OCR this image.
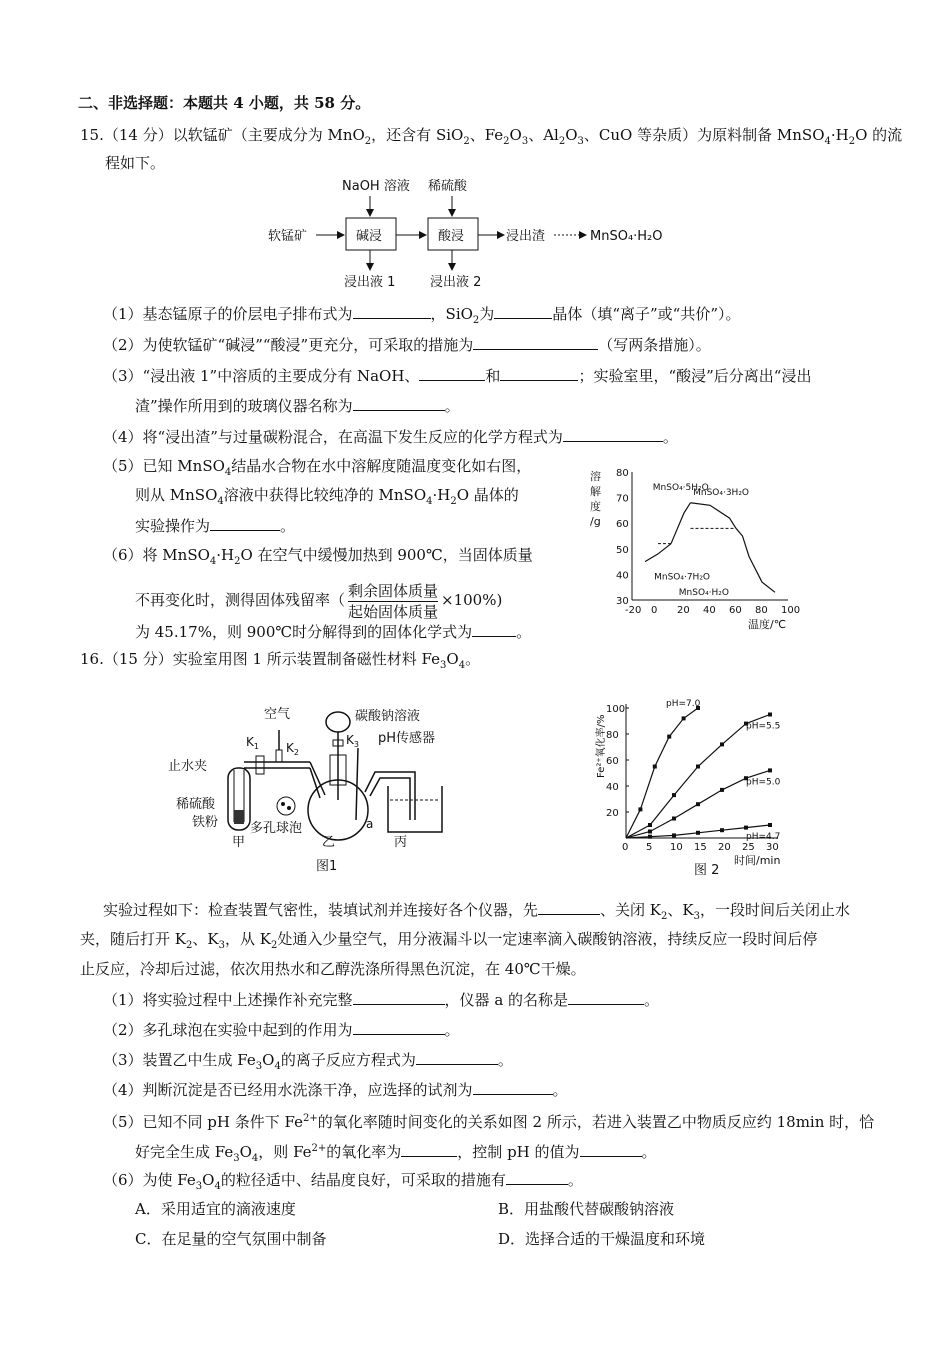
二、非选择题：本题共 4 小题，共 58 分。
15.（14 分）以软锰矿（主要成分为 MnO$_2$，还含有 SiO$_2$、$Fe_2O_3$、$Al_2O_3$、CuO 等杂质）为原料制备 $MnSO_4\cdot H_2O$ 的流
程如下。
NaOH 溶液 稀硫酸
软锰矿	碱浸	酸浸	浸出渣	MnSO₄·H₂O
浸出液 1	浸出液 2
（1）基态锰原子的价层电子排布式为	，SiO$_2$为	晶体（填“离子”或“共价”）。
（2）为使软锰矿“碱浸”“酸浸”更充分，可采取的措施为	（写两条措施）。
（3）“浸出液 1”中溶质的主要成分有 NaOH、	和	；实验室里，“酸浸”后分离出“浸出
渣”操作所用到的玻璃仪器名称为	。
（4）将“浸出渣”与过量碳粉混合，在高温下发生反应的化学方程式为	。
（5）已知 MnSO$_4$结晶水合物在水中溶解度随温度变化如右图，
则从 MnSO$_4$溶液中获得比较纯净的 $MnSO_4\cdot H_2O$ 晶体的
实验操作为	。
（6）将 $MnSO_4\cdot H_2O$ 在空气中缓慢加热到 900℃，当固体质量
不再变化时，测得固体残留率（ $\frac{\text{剩余固体质量}}{\text{起始固体质量}} \times 100\%$)
为 45.17%，则 900℃时分解得到的固体化学式为	。
溶
解
度
/g
-20 0 20 40 60 80 100
30
40
50
60
70
80
MnSO₄·5H₂O
MnSO₄·3H₂O
MnSO₄·7H₂O
MnSO₄·H₂O
温度/℃
16.（15 分）实验室用图 1 所示装置制备磁性材料 $Fe_3O_4$。
空气
$K_1$ $K_2$
$K_3$
碳酸钠溶液
pH传感器
止水夹
稀硫酸
铁粉 多孔球泡	a
甲	乙	丙
图1
0 5 10 15 20 25 30
20
40
60
80
100	pH=7.0
pH=5.5
pH=5.0
pH=4.7
Fe²⁺氧化率/%
时间/min
图 2
实验过程如下：检查装置气密性，装填试剂并连接好各个仪器，先	、关闭 $K_2$、$K_3$，一段时间后关闭止水
夹，随后打开 $K_2$、$K_3$，从 $K_2$处通入少量空气，用分液漏斗以一定速率滴入碳酸钠溶液，持续反应一段时间后停
止反应，冷却后过滤，依次用热水和乙醇洗涤所得黑色沉淀，在 40℃干燥。
（1）将实验过程中上述操作补充完整	，仪器 a 的名称是	。
（2）多孔球泡在实验中起到的作用为	。
（3）装置乙中生成 $Fe_3O_4$的离子反应方程式为	。
（4）判断沉淀是否已经用水洗涤干净，应选择的试剂为	。
（5）已知不同 pH 条件下 $Fe^{2+}$的氧化率随时间变化的关系如图 2 所示，若进入装置乙中物质反应约 18min 时，恰
好完全生成 $Fe_3O_4$，则 $Fe^{2+}$的氧化率为	，控制 pH 的值为	。
（6）为使 $Fe_3O_4$的粒径适中、结晶度良好，可采取的措施有	。
A．采用适宜的滴液速度	B．用盐酸代替碳酸钠溶液
C．在足量的空气氛围中制备	D．选择合适的干燥温度和环境
